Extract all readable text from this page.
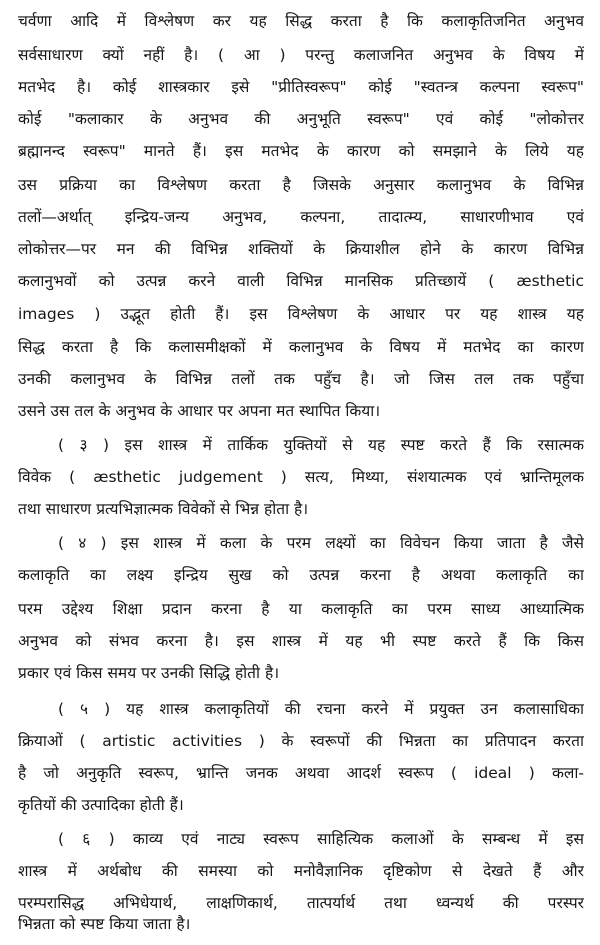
चर्वणा आदि में विश्लेषण कर यह सिद्ध करता है कि कलाकृतिजनित अनुभव
सर्वसाधारण क्यों नहीं है। ( आ ) परन्तु कलाजनित अनुभव के विषय में
मतभेद है। कोई शास्त्रकार इसे "प्रीतिस्वरूप" कोई "स्वतन्त्र कल्पना स्वरूप"
कोई "कलाकार के अनुभव की अनुभूति स्वरूप" एवं कोई "लोकोत्तर
ब्रह्मानन्द स्वरूप" मानते हैं। इस मतभेद के कारण को समझाने के लिये यह
उस प्रक्रिया का विश्लेषण करता है जिसके अनुसार कलानुभव के विभिन्न
तलों—अर्थात् इन्द्रिय-जन्य अनुभव, कल्पना, तादात्म्य, साधारणीभाव एवं
लोकोत्तर—पर मन की विभिन्न शक्तियों के क्रियाशील होने के कारण विभिन्न
कलानुभवों को उत्पन्न करने वाली विभिन्न मानसिक प्रतिच्छायें ( æsthetic
images ) उद्भूत होती हैं। इस विश्लेषण के आधार पर यह शास्त्र यह
सिद्ध करता है कि कलासमीक्षकों में कलानुभव के विषय में मतभेद का कारण
उनकी कलानुभव के विभिन्न तलों तक पहुँच है। जो जिस तल तक पहुँचा
उसने उस तल के अनुभव के आधार पर अपना मत स्थापित किया।
( ३ ) इस शास्त्र में तार्किक युक्तियों से यह स्पष्ट करते हैं कि रसात्मक
विवेक ( æsthetic judgement ) सत्य, मिथ्या, संशयात्मक एवं भ्रान्तिमूलक
तथा साधारण प्रत्यभिज्ञात्मक विवेकों से भिन्न होता है।
( ४ ) इस शास्त्र में कला के परम लक्ष्यों का विवेचन किया जाता है जैसे
कलाकृति का लक्ष्य इन्द्रिय सुख को उत्पन्न करना है अथवा कलाकृति का
परम उद्देश्य शिक्षा प्रदान करना है या कलाकृति का परम साध्य आध्यात्मिक
अनुभव को संभव करना है। इस शास्त्र में यह भी स्पष्ट करते हैं कि किस
प्रकार एवं किस समय पर उनकी सिद्धि होती है।
( ५ ) यह शास्त्र कलाकृतियों की रचना करने में प्रयुक्त उन कलासाधिका
क्रियाओं ( artistic activities ) के स्वरूपों की भिन्नता का प्रतिपादन करता
है जो अनुकृति स्वरूप, भ्रान्ति जनक अथवा आदर्श स्वरूप ( ideal ) कला-
कृतियों की उत्पादिका होती हैं।
( ६ ) काव्य एवं नाट्य स्वरूप साहित्यिक कलाओं के सम्बन्ध में इस
शास्त्र में अर्थबोध की समस्या को मनोवैज्ञानिक दृष्टिकोण से देखते हैं और
परम्परासिद्ध अभिधेयार्थ, लाक्षणिकार्थ, तात्पर्यार्थ तथा ध्वन्यर्थ की परस्पर
भिन्नता को स्पष्ट किया जाता है।
